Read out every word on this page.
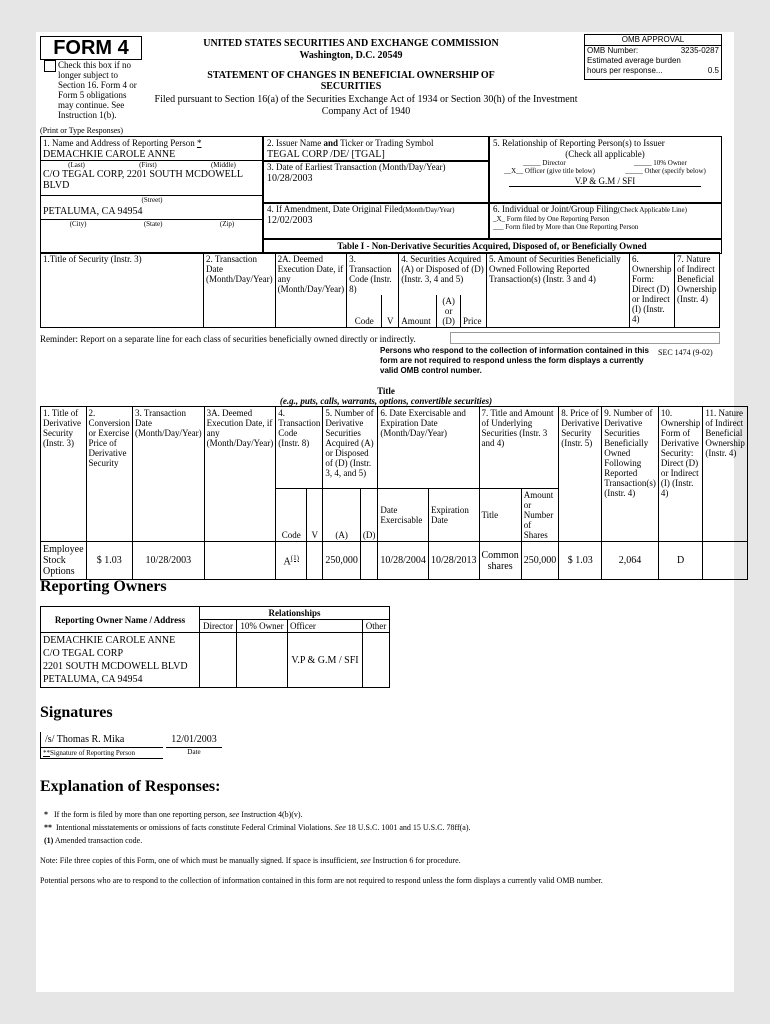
FORM 4
Check this box if no longer subject to Section 16. Form 4 or Form 5 obligations may continue. See Instruction 1(b).
UNITED STATES SECURITIES AND EXCHANGE COMMISSION
Washington, D.C. 20549
STATEMENT OF CHANGES IN BENEFICIAL OWNERSHIP OF SECURITIES
Filed pursuant to Section 16(a) of the Securities Exchange Act of 1934 or Section 30(h) of the Investment Company Act of 1940
OMB APPROVAL
OMB Number:	3235-0287
Estimated average burden
hours per response...	0.5
(Print or Type Responses)
1. Name and Address of Reporting Person *
DEMACHKIE CAROLE ANNE
(Last)	(First)	(Middle)
C/O TEGAL CORP, 2201 SOUTH MCDOWELL BLVD
(Street)
PETALUMA, CA 94954
(City)	(State)	(Zip)
2. Issuer Name and Ticker or Trading Symbol
TEGAL CORP /DE/ [TGAL]
3. Date of Earliest Transaction (Month/Day/Year)
10/28/2003
4. If Amendment, Date Original Filed(Month/Day/Year)
12/02/2003
5. Relationship of Reporting Person(s) to Issuer
(Check all applicable)
_____ Director	_____ 10% Owner
__X__ Officer (give title below)	_____ Other (specify below)
V.P & G.M / SFI
6. Individual or Joint/Group Filing(Check Applicable Line)
_X_ Form filed by One Reporting Person
___ Form filed by More than One Reporting Person
Table I - Non-Derivative Securities Acquired, Disposed of, or Beneficially Owned
1.Title of Security (Instr. 3)	2. Transaction Date (Month/Day/Year)	2A. Deemed Execution Date, if any (Month/Day/Year)	3. Transaction Code (Instr. 8)		4. Securities Acquired (A) or Disposed of (D) (Instr. 3, 4 and 5)			5. Amount of Securities Beneficially Owned Following Reported Transaction(s) (Instr. 3 and 4)	6. Ownership Form: Direct (D) or Indirect (I) (Instr. 4)	7. Nature of Indirect Beneficial Ownership (Instr. 4)
			Code	V	Amount	(A) or (D)	Price			
Reminder: Report on a separate line for each class of securities beneficially owned directly or indirectly.
Persons who respond to the collection of information contained in this form are not required to respond unless the form displays a currently valid OMB control number.
SEC 1474 (9-02)
Title
(e.g., puts, calls, warrants, options, convertible securities)
1. Title of Derivative Security (Instr. 3)	2. Conversion or Exercise Price of Derivative Security	3. Transaction Date (Month/Day/Year)	3A. Deemed Execution Date, if any (Month/Day/Year)	4. Transaction Code (Instr. 8)		5. Number of Derivative Securities Acquired (A) or Disposed of (D) (Instr. 3, 4, and 5)		6. Date Exercisable and Expiration Date (Month/Day/Year)		7. Title and Amount of Underlying Securities (Instr. 3 and 4)		8. Price of Derivative Security (Instr. 5)	9. Number of Derivative Securities Beneficially Owned Following Reported Transaction(s) (Instr. 4)	10. Ownership Form of Derivative Security: Direct (D) or Indirect (I) (Instr. 4)	11. Nature of Indirect Beneficial Ownership (Instr. 4)
				Code	V	(A)	(D)	Date Exercisable	Expiration Date	Title	Amount or Number of Shares				
Employee Stock Options	$ 1.03	10/28/2003		$A^{(1)}$		250,000		10/28/2004	10/28/2013	Common shares	250,000	$ 1.03	2,064	D	
Reporting Owners
Reporting Owner Name / Address	Relationships			
	Director	10% Owner	Officer	Other

DEMACHKIE CAROLE ANNE
C/O TEGAL CORP
2201 SOUTH MCDOWELL BLVD
PETALUMA, CA 94954			V.P & G.M / SFI	
Signatures
/s/ Thomas R. Mika
**Signature of Reporting Person
12/01/2003
Date
Explanation of Responses:
* If the form is filed by more than one reporting person, see Instruction 4(b)(v).
** Intentional misstatements or omissions of facts constitute Federal Criminal Violations. See 18 U.S.C. 1001 and 15 U.S.C. 78ff(a).
(1) Amended transaction code.
Note: File three copies of this Form, one of which must be manually signed. If space is insufficient, see Instruction 6 for procedure.
Potential persons who are to respond to the collection of information contained in this form are not required to respond unless the form displays a currently valid OMB number.
